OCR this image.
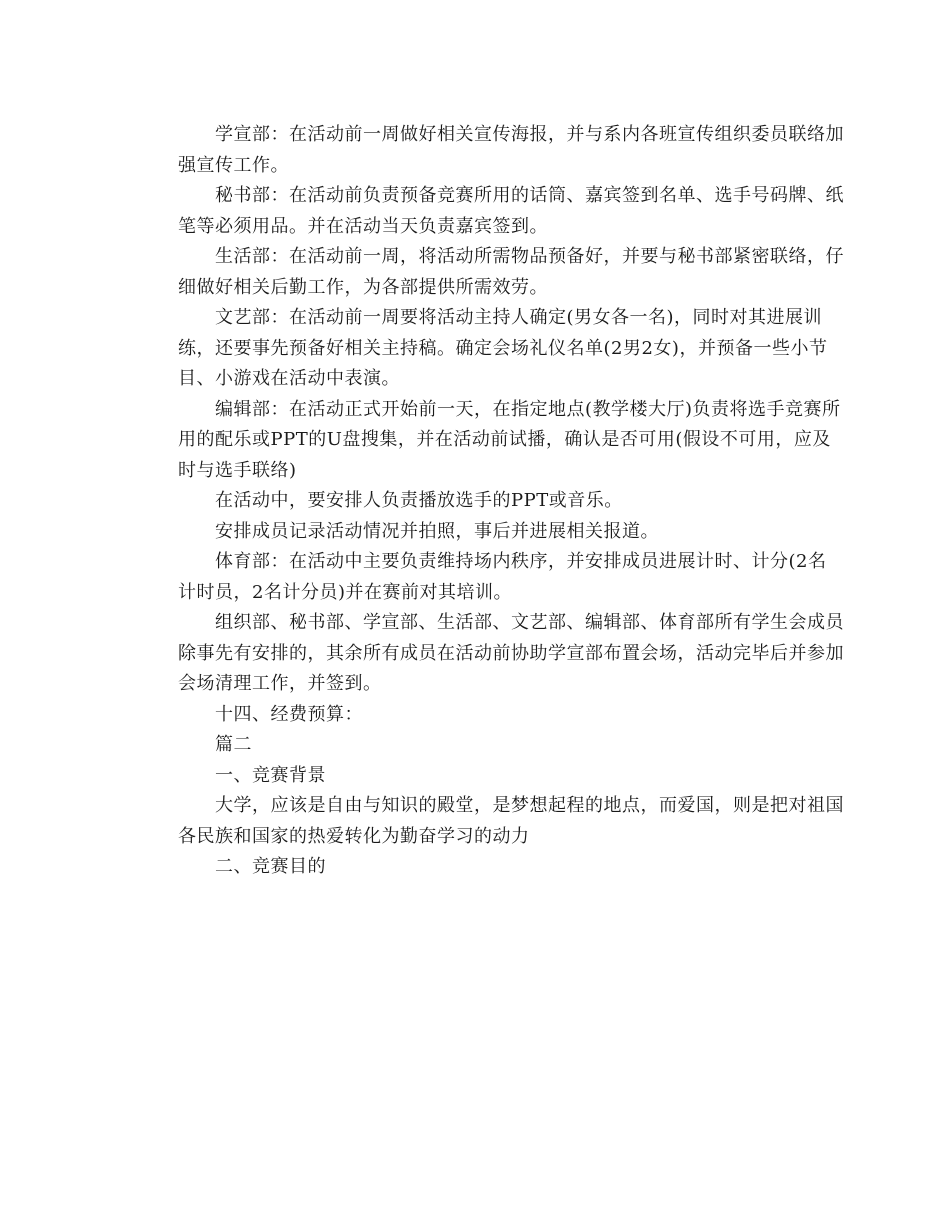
学宣部：在活动前一周做好相关宣传海报，并与系内各班宣传组织委员联络加
强宣传工作。
秘书部：在活动前负责预备竞赛所用的话筒、嘉宾签到名单、选手号码牌、纸
笔等必须用品。并在活动当天负责嘉宾签到。
生活部：在活动前一周，将活动所需物品预备好，并要与秘书部紧密联络，仔
细做好相关后勤工作，为各部提供所需效劳。
文艺部：在活动前一周要将活动主持人确定(男女各一名)，同时对其进展训
练，还要事先预备好相关主持稿。确定会场礼仪名单(2男2女)，并预备一些小节
目、小游戏在活动中表演。
编辑部：在活动正式开始前一天，在指定地点(教学楼大厅)负责将选手竞赛所
用的配乐或PPT的U盘搜集，并在活动前试播，确认是否可用(假设不可用，应及
时与选手联络)
在活动中，要安排人负责播放选手的PPT或音乐。
安排成员记录活动情况并拍照，事后并进展相关报道。
体育部：在活动中主要负责维持场内秩序，并安排成员进展计时、计分(2名
计时员，2名计分员)并在赛前对其培训。
组织部、秘书部、学宣部、生活部、文艺部、编辑部、体育部所有学生会成员
除事先有安排的，其余所有成员在活动前协助学宣部布置会场，活动完毕后并参加
会场清理工作，并签到。
十四、经费预算：
篇二
一、竞赛背景
大学，应该是自由与知识的殿堂，是梦想起程的地点，而爱国，则是把对祖国
各民族和国家的热爱转化为勤奋学习的动力
二、竞赛目的
